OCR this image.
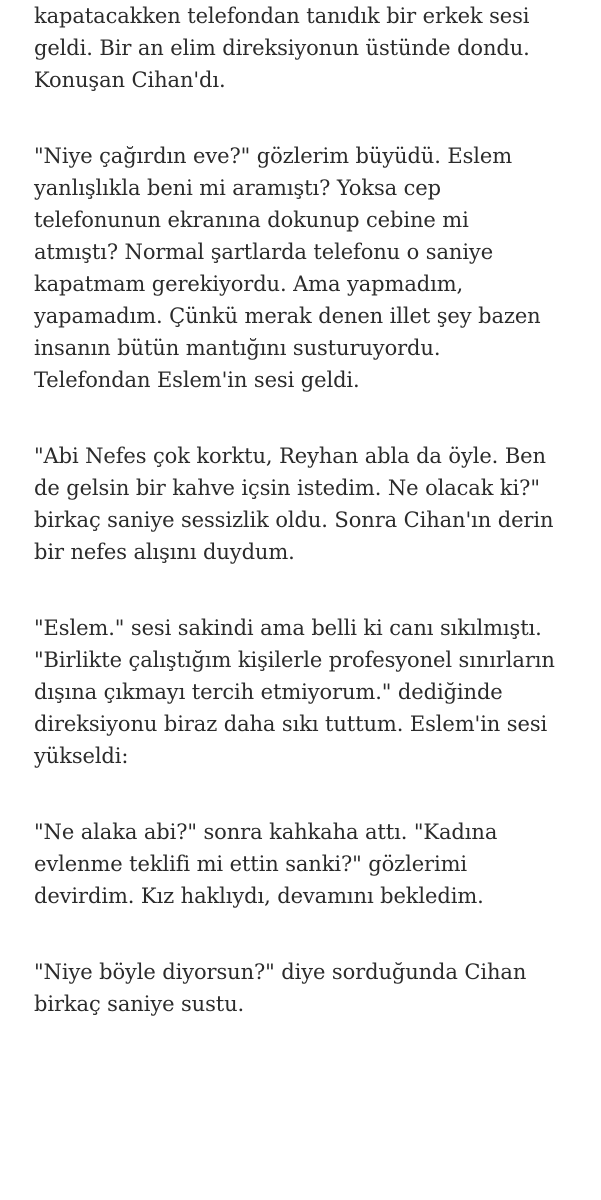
kapatacakken telefondan tanıdık bir erkek sesi
geldi. Bir an elim direksiyonun üstünde dondu.
Konuşan Cihan'dı.
"Niye çağırdın eve?" gözlerim büyüdü. Eslem
yanlışlıkla beni mi aramıştı? Yoksa cep
telefonunun ekranına dokunup cebine mi
atmıştı? Normal şartlarda telefonu o saniye
kapatmam gerekiyordu. Ama yapmadım,
yapamadım. Çünkü merak denen illet şey bazen
insanın bütün mantığını susturuyordu.
Telefondan Eslem'in sesi geldi.
"Abi Nefes çok korktu, Reyhan abla da öyle. Ben
de gelsin bir kahve içsin istedim. Ne olacak ki?"
birkaç saniye sessizlik oldu. Sonra Cihan'ın derin
bir nefes alışını duydum.
"Eslem." sesi sakindi ama belli ki canı sıkılmıştı.
"Birlikte çalıştığım kişilerle profesyonel sınırların
dışına çıkmayı tercih etmiyorum." dediğinde
direksiyonu biraz daha sıkı tuttum. Eslem'in sesi
yükseldi:
"Ne alaka abi?" sonra kahkaha attı. "Kadına
evlenme teklifi mi ettin sanki?" gözlerimi
devirdim. Kız haklıydı, devamını bekledim.
"Niye böyle diyorsun?" diye sorduğunda Cihan
birkaç saniye sustu.
